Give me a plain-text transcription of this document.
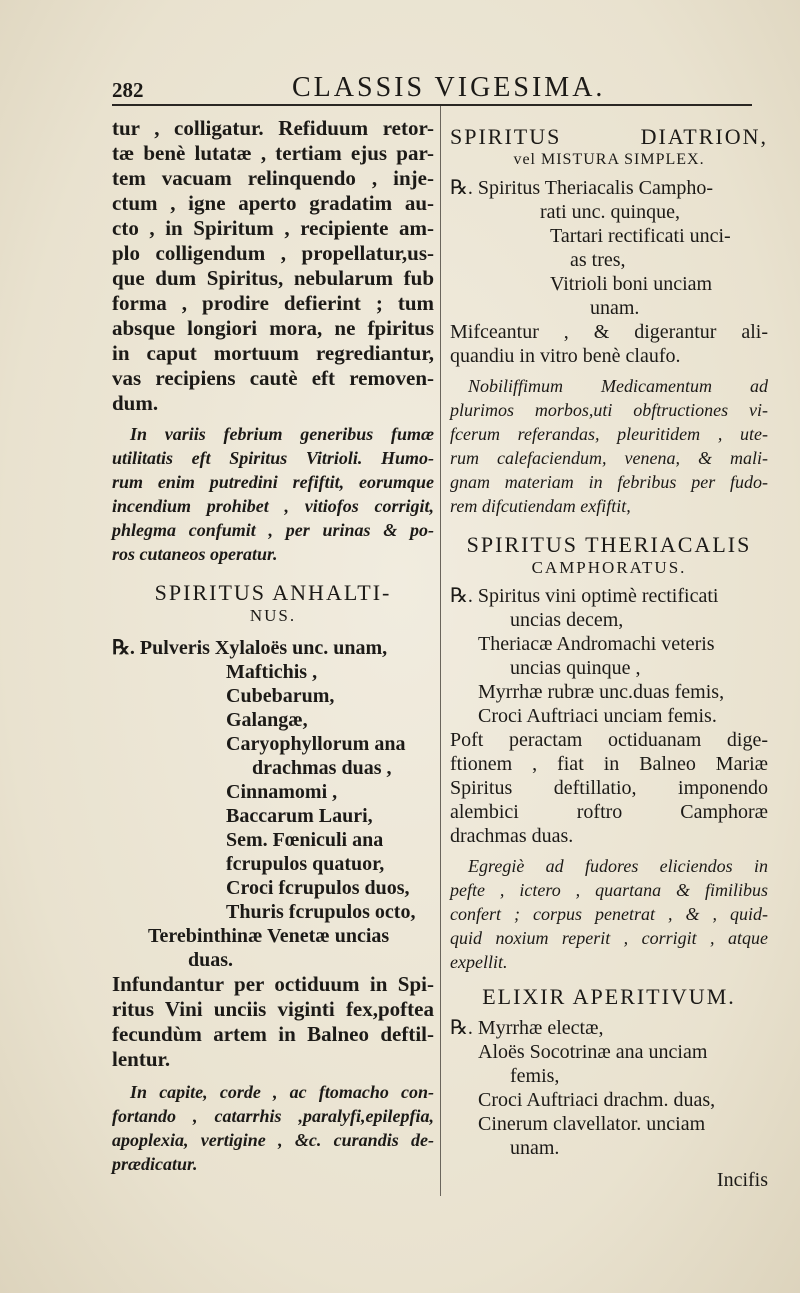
282	CLASSIS VIGESIMA.

tur , colligatur. Refiduum retor-

tæ benè lutatæ , tertiam ejus par-

tem vacuam relinquendo , inje-

ctum , igne aperto gradatim au-

cto , in Spiritum , recipiente am-

plo colligendum , propellatur,us-

que dum Spiritus, nebularum fub

forma , prodire defierint ; tum

absque longiori mora, ne fpiritus

in caput mortuum regrediantur,

vas recipiens cautè eft removen-

dum.

In variis febrium generibus fumæ

utilitatis eft Spiritus Vitrioli. Humo-

rum enim putredini refiftit, eorumque

incendium prohibet , vitiofos corrigit,

phlegma confumit , per urinas & po-

ros cutaneos operatur.

SPIRITUS ANHALTI-

NUS.

℞. Pulveris Xylaloës unc. unam,

Maftichis ,

Cubebarum,

Galangæ,

Caryophyllorum ana

drachmas duas ,

Cinnamomi ,

Baccarum Lauri,

Sem. Fœniculi ana

fcrupulos quatuor,

Croci fcrupulos duos,

Thuris fcrupulos octo,

Terebinthinæ Venetæ uncias

duas.

Infundantur per octiduum in Spi-

ritus Vini unciis viginti fex,poftea

fecundùm artem in Balneo deftil-

lentur.

In capite, corde , ac ftomacho con-

fortando , catarrhis ,paralyfi,epilepfia,

apoplexia, vertigine , &c. curandis de-

prædicatur.

SPIRITUS DIATRION,

vel MISTURA SIMPLEX.

℞. Spiritus Theriacalis Campho-

rati unc. quinque,

Tartari rectificati unci-

as tres,

Vitrioli boni unciam

unam.

Mifceantur , & digerantur ali-

quandiu in vitro benè claufo.

Nobiliffimum Medicamentum ad

plurimos morbos,uti obftructiones vi-

fcerum referandas, pleuritidem , ute-

rum calefaciendum, venena, & mali-

gnam materiam in febribus per fudo-

rem difcutiendam exfiftit,

SPIRITUS THERIACALIS

CAMPHORATUS.

℞. Spiritus vini optimè rectificati

uncias decem,

Theriacæ Andromachi veteris

uncias quinque ,

Myrrhæ rubræ unc.duas femis,

Croci Auftriaci unciam femis.

Poft peractam octiduanam dige-

ftionem , fiat in Balneo Mariæ

Spiritus deftillatio, imponendo

alembici roftro Camphoræ

drachmas duas.

Egregiè ad fudores eliciendos in

pefte , ictero , quartana & fimilibus

confert ; corpus penetrat , & , quid-

quid noxium reperit , corrigit , atque

expellit.

ELIXIR APERITIVUM.

℞. Myrrhæ electæ,

Aloës Socotrinæ ana unciam

femis,

Croci Auftriaci drachm. duas,

Cinerum clavellator. unciam

unam.

Incifis
